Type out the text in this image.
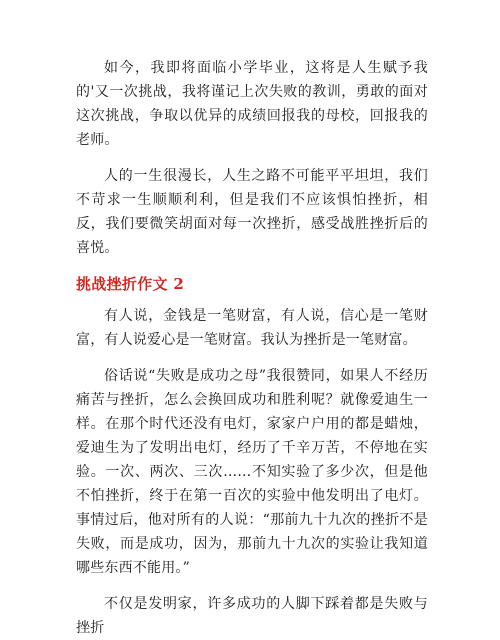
如今，我即将面临小学毕业，这将是人生赋予我的'又一次挑战，我将谨记上次失败的教训，勇敢的面对这次挑战，争取以优异的成绩回报我的母校，回报我的老师。

人的一生很漫长，人生之路不可能平平坦坦，我们不苛求一生顺顺利利，但是我们不应该惧怕挫折，相反，我们要微笑胡面对每一次挫折，感受战胜挫折后的喜悦。

挑战挫折作文 2

有人说，金钱是一笔财富，有人说，信心是一笔财富，有人说爱心是一笔财富。我认为挫折是一笔财富。

俗话说“失败是成功之母”我很赞同，如果人不经历痛苦与挫折，怎么会换回成功和胜利呢？就像爱迪生一样。在那个时代还没有电灯，家家户户用的都是蜡烛，爱迪生为了发明出电灯，经历了千辛万苦，不停地在实验。一次、两次、三次……不知实验了多少次，但是他不怕挫折，终于在第一百次的实验中他发明出了电灯。事情过后，他对所有的人说：“那前九十九次的挫折不是失败，而是成功，因为，那前九十九次的实验让我知道哪些东西不能用。”

不仅是发明家，许多成功的人脚下踩着都是失败与挫折
